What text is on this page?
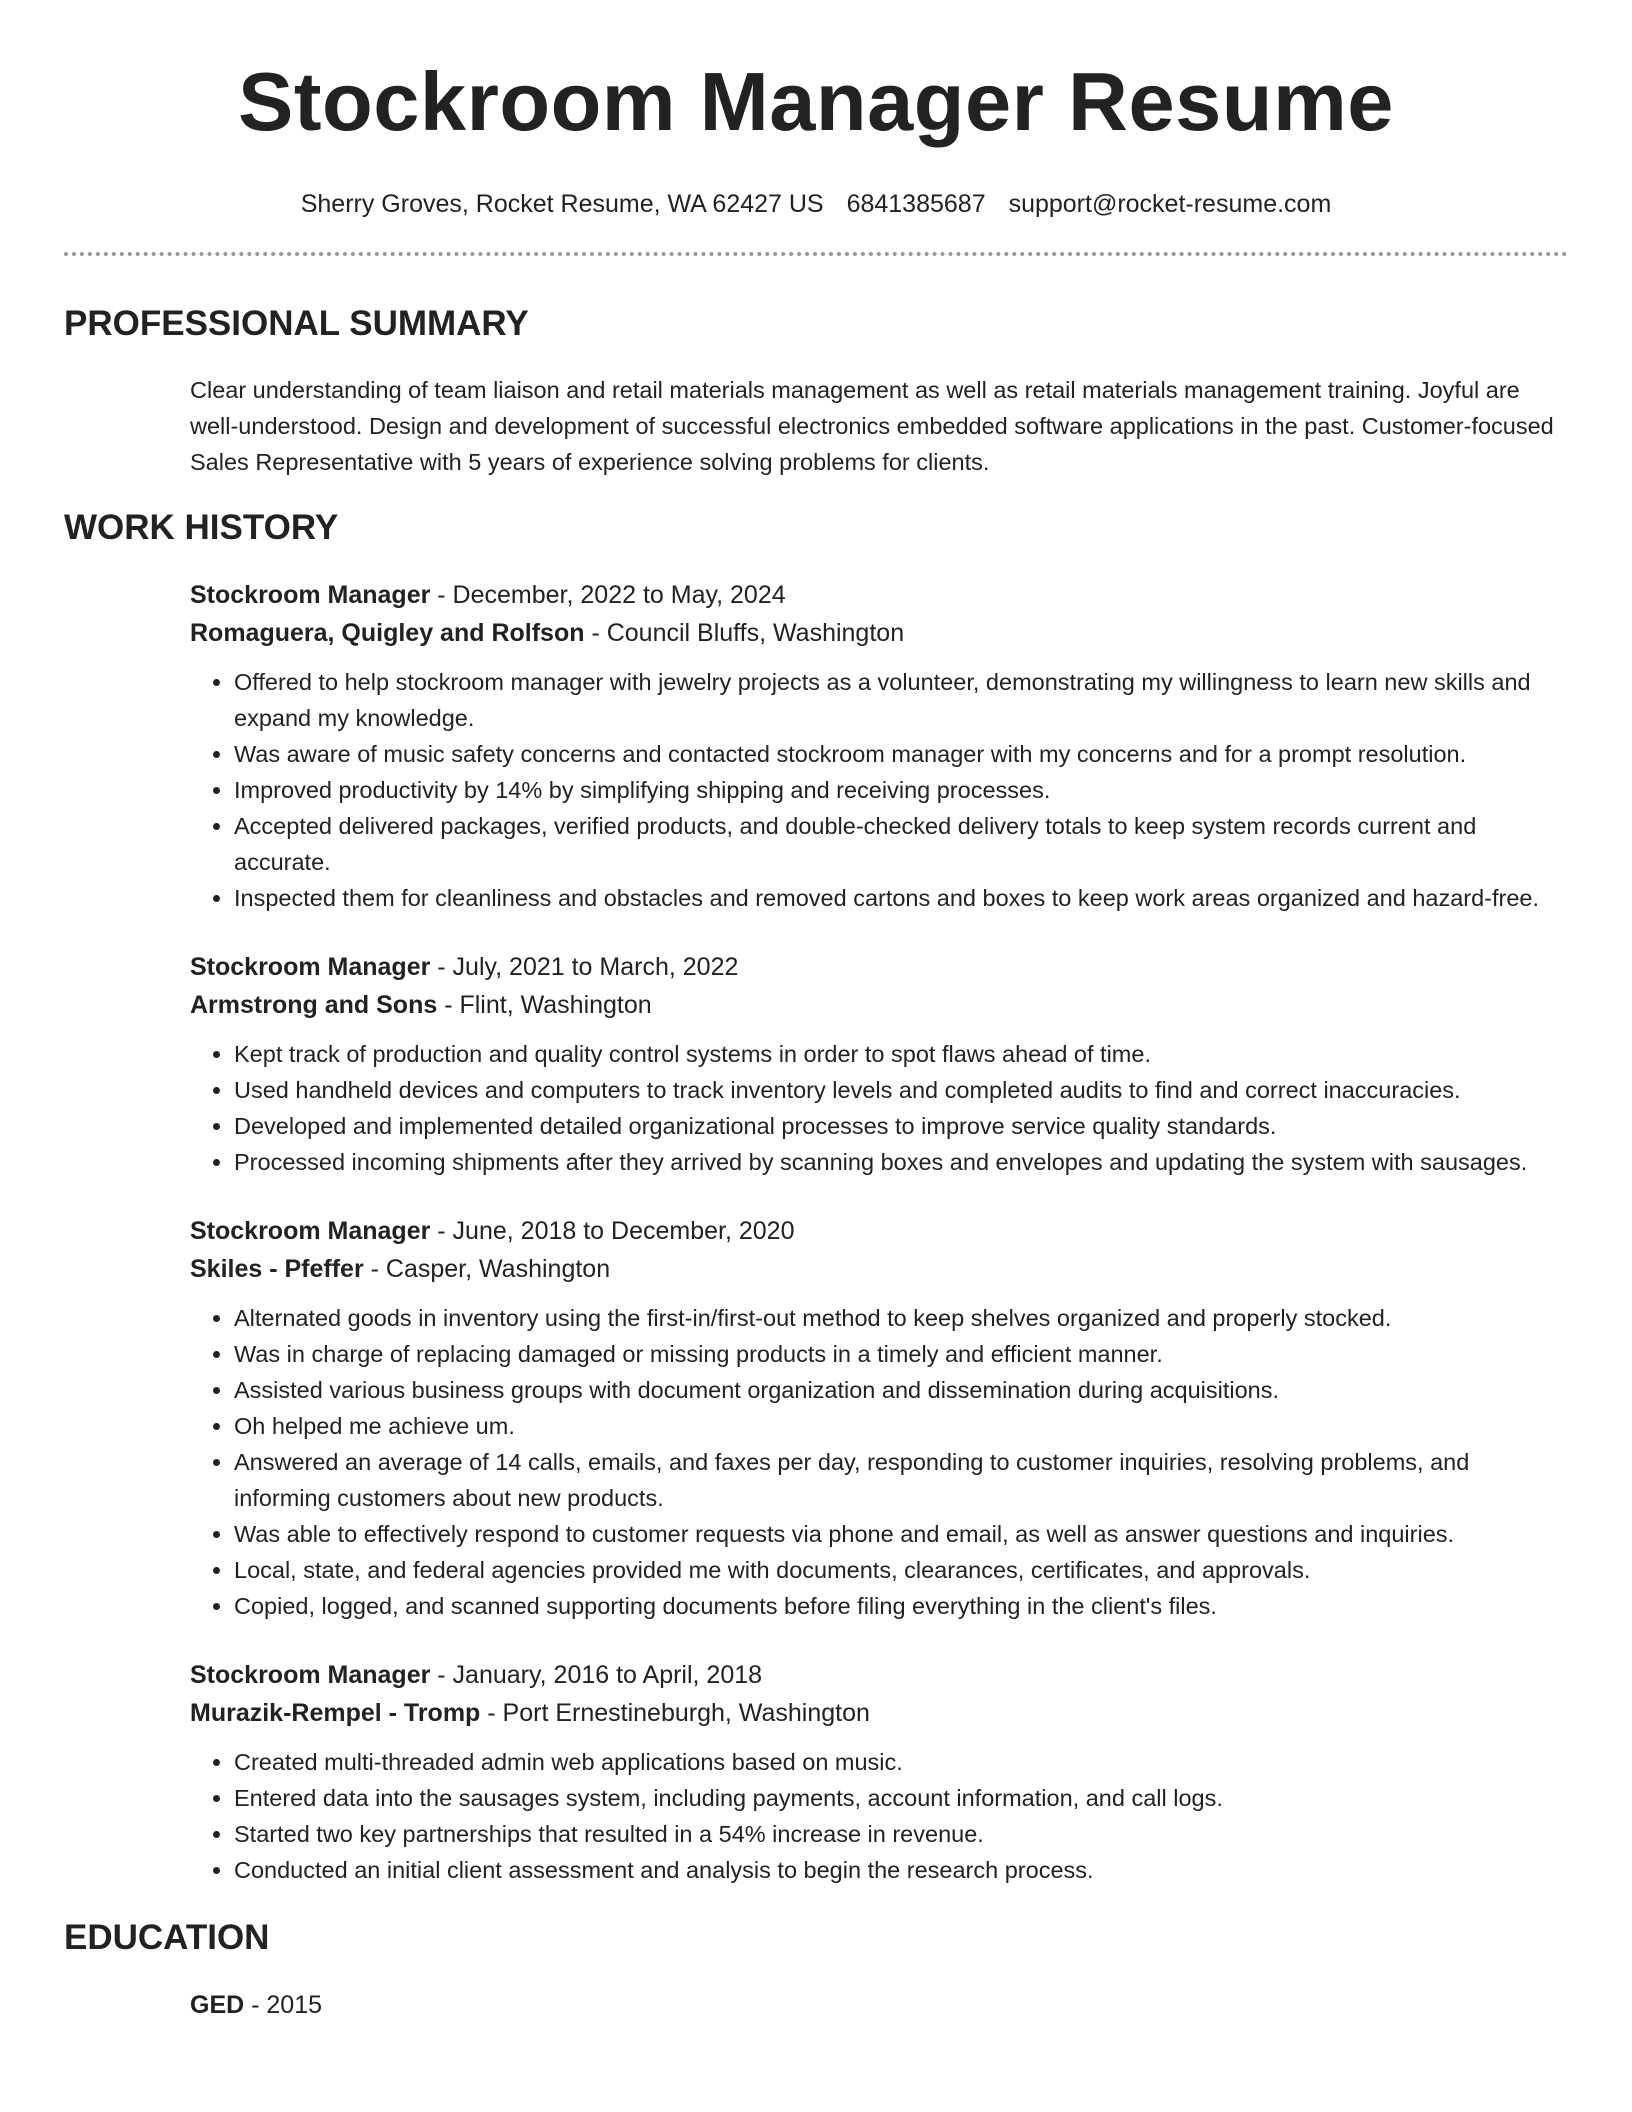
Stockroom Manager Resume
Sherry Groves, Rocket Resume, WA 62427 US 6841385687 support@rocket-resume.com
PROFESSIONAL SUMMARY

Clear understanding of team liaison and retail materials management as well as retail materials management training. Joyful are well-understood. Design and development of successful electronics embedded software applications in the past. Customer-focused Sales Representative with 5 years of experience solving problems for clients.

WORK HISTORY
Stockroom Manager - December, 2022 to May, 2024
Romaguera, Quigley and Rolfson - Council Bluffs, Washington
• Offered to help stockroom manager with jewelry projects as a volunteer, demonstrating my willingness to learn new skills and expand my knowledge.
• Was aware of music safety concerns and contacted stockroom manager with my concerns and for a prompt resolution.
• Improved productivity by 14% by simplifying shipping and receiving processes.
• Accepted delivered packages, verified products, and double-checked delivery totals to keep system records current and accurate.
• Inspected them for cleanliness and obstacles and removed cartons and boxes to keep work areas organized and hazard-free.
Stockroom Manager - July, 2021 to March, 2022
Armstrong and Sons - Flint, Washington
• Kept track of production and quality control systems in order to spot flaws ahead of time.
• Used handheld devices and computers to track inventory levels and completed audits to find and correct inaccuracies.
• Developed and implemented detailed organizational processes to improve service quality standards.
• Processed incoming shipments after they arrived by scanning boxes and envelopes and updating the system with sausages.
Stockroom Manager - June, 2018 to December, 2020
Skiles - Pfeffer - Casper, Washington
• Alternated goods in inventory using the first-in/first-out method to keep shelves organized and properly stocked.
• Was in charge of replacing damaged or missing products in a timely and efficient manner.
• Assisted various business groups with document organization and dissemination during acquisitions.
• Oh helped me achieve um.
• Answered an average of 14 calls, emails, and faxes per day, responding to customer inquiries, resolving problems, and informing customers about new products.
• Was able to effectively respond to customer requests via phone and email, as well as answer questions and inquiries.
• Local, state, and federal agencies provided me with documents, clearances, certificates, and approvals.
• Copied, logged, and scanned supporting documents before filing everything in the client's files.
Stockroom Manager - January, 2016 to April, 2018
Murazik-Rempel - Tromp - Port Ernestineburgh, Washington
• Created multi-threaded admin web applications based on music.
• Entered data into the sausages system, including payments, account information, and call logs.
• Started two key partnerships that resulted in a 54% increase in revenue.
• Conducted an initial client assessment and analysis to begin the research process.
EDUCATION
GED - 2015
